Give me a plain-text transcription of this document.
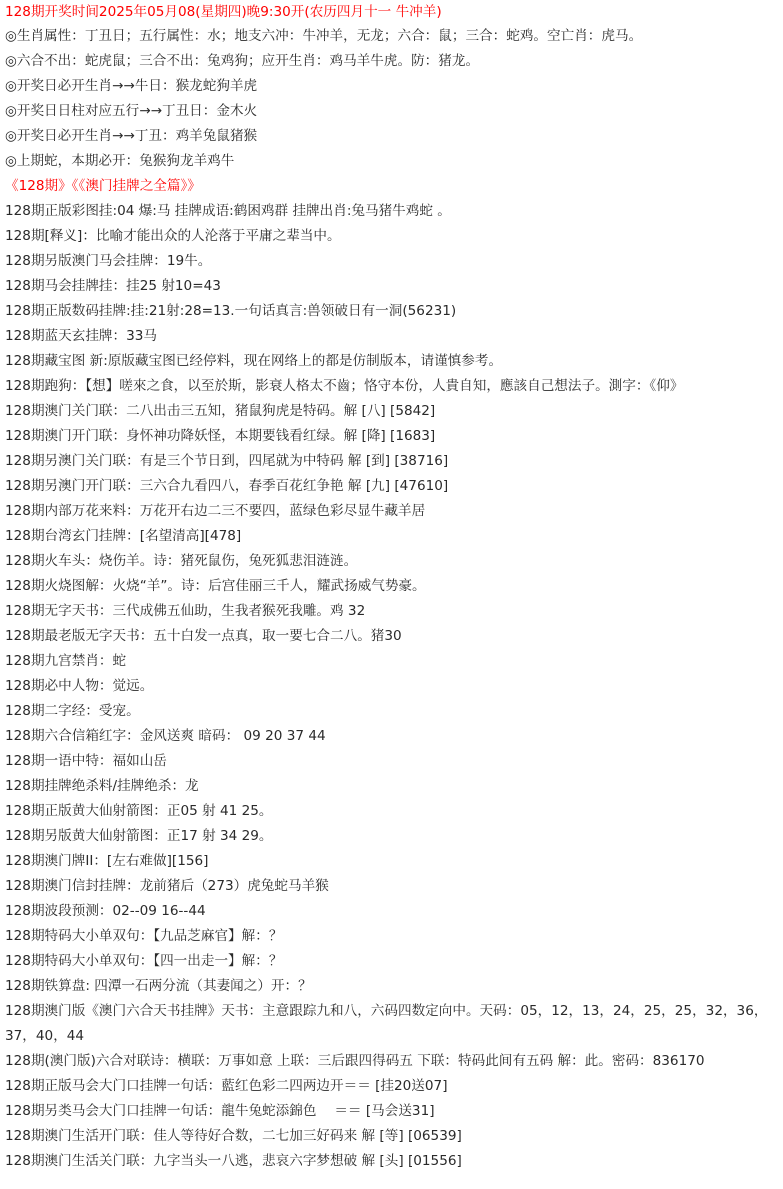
128期开奖时间2025年05月08(星期四)晚9:30开(农历四月十一 牛冲羊)
◎生肖属性：丁丑日；五行属性：水；地支六冲：牛冲羊，无龙；六合：鼠；三合：蛇鸡。空亡肖：虎马。
◎六合不出：蛇虎鼠；三合不出：兔鸡狗；应开生肖：鸡马羊牛虎。防：猪龙。
◎开奖日必开生肖→→牛日：猴龙蛇狗羊虎
◎开奖日日柱对应五行→→丁丑日：金木火
◎开奖日必开生肖→→丁丑：鸡羊兔鼠猪猴
◎上期蛇，本期必开：兔猴狗龙羊鸡牛
《128期》《《澳门挂牌之全篇》》
128期正版彩图挂:04 爆:马 挂牌成语:鹤困鸡群 挂牌出肖:兔马猪牛鸡蛇 。
128期[释义]：比喻才能出众的人沦落于平庸之辈当中。
128期另版澳门马会挂牌：19牛。
128期马会挂牌挂：挂25 射10=43
128期正版数码挂牌:挂:21射:28=13.一句话真言:兽领破日有一洞(56231)
128期蓝天玄挂牌：33马
128期藏宝图 新:原版藏宝图已经停料，现在网络上的都是仿制版本，请谨慎参考。
128期跑狗：【想】嗟來之食，以至於斯，影衰人格太不齒；恪守本份，人貴自知，應該自己想法子。測字：《仰》
128期澳门关门联：二八出击三五知，猪鼠狗虎是特码。解 [八] [5842]
128期澳门开门联：身怀神功降妖怪，本期要钱看红绿。解 [降] [1683]
128期另澳门关门联：有是三个节日到，四尾就为中特码 解 [到] [38716]
128期另澳门开门联：三六合九看四八，春季百花红争艳 解 [九] [47610]
128期内部万花来料：万花开右边二三不要四，蓝绿色彩尽显牛藏羊居
128期台湾玄门挂牌：[名望清高][478]
128期火车头：烧伤羊。诗：猪死鼠伤，兔死狐悲泪涟涟。
128期火烧图解：火烧“羊”。诗：后宫佳丽三千人，耀武扬威气势豪。
128期无字天书：三代成佛五仙助，生我者猴死我雕。鸡 32
128期最老版无字天书：五十白发一点真，取一要七合二八。猪30
128期九宫禁肖：蛇
128期必中人物：觉远。
128期二字经：受宠。
128期六合信箱红字：金风送爽 暗码： 09 20 37 44
128期一语中特：福如山岳
128期挂牌绝杀料/挂牌绝杀：龙
128期正版黄大仙射箭图：正05 射 41 25。
128期另版黄大仙射箭图：正17 射 34 29。
128期澳门牌II：[左右难做][156]
128期澳门信封挂牌：龙前猪后（273）虎兔蛇马羊猴
128期波段预测：02--09 16--44
128期特码大小单双句：【九品芝麻官】解：？
128期特码大小单双句：【四一出走一】解：？
128期铁算盘: 四潭一石两分流（其妻闻之）开：？
128期澳门版《澳门六合天书挂牌》天书：主意跟踪九和八，六码四数定向中。天码：05，12，13，24，25，25，32，36，37，40，44
128期(澳门版)六合对联诗：横联：万事如意 上联：三后跟四得码五 下联：特码此间有五码 解：此。密码：836170
128期正版马会大门口挂牌一句话：藍红色彩二四两边开＝＝ [挂20送07]
128期另类马会大门口挂牌一句话：龍牛兔蛇添錦色　 ＝＝ [马会送31]
128期澳门生活开门联：佳人等待好合数，二七加三好码来 解 [等] [06539]
128期澳门生活关门联：九字当头一八逃，悲哀六字梦想破 解 [头] [01556]
